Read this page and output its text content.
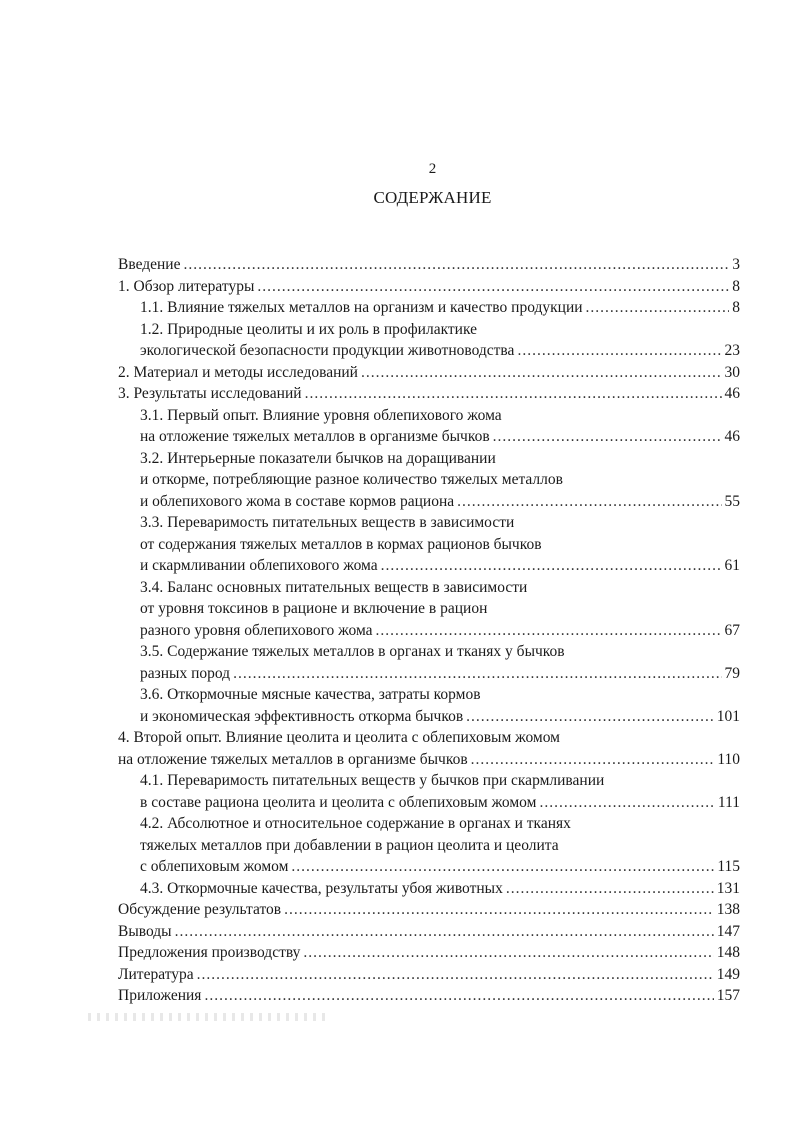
2
СОДЕРЖАНИЕ
Введение .....	3
1. Обзор литературы .....	8
1.1. Влияние тяжелых металлов на организм и качество продукции .....	8
1.2. Природные цеолиты и их роль в профилактике
экологической безопасности продукции животноводства .....	23
2. Материал и методы исследований .....	30
3. Результаты исследований .....	46
3.1. Первый опыт. Влияние уровня облепихового жома
на отложение тяжелых металлов в организме бычков .....	46
3.2. Интерьерные показатели бычков на доращивании
и откорме, потребляющие разное количество тяжелых металлов
и облепихового жома в составе кормов рациона .....	55
3.3. Переваримость питательных веществ в зависимости
от содержания тяжелых металлов в кормах рационов бычков
и скармливании облепихового жома .....	61
3.4. Баланс основных питательных веществ в зависимости
от уровня токсинов в рационе и включение в рацион
разного уровня облепихового жома .....	67
3.5. Содержание тяжелых металлов в органах и тканях у бычков
разных пород .....	79
3.6. Откормочные мясные качества, затраты кормов
и экономическая эффективность откорма бычков .....	101
4. Второй опыт. Влияние цеолита и цеолита с облепиховым жомом
на отложение тяжелых металлов в организме бычков .....	110
4.1. Переваримость питательных веществ у бычков при скармливании
в составе рациона цеолита и цеолита с облепиховым жомом .....	111
4.2. Абсолютное и относительное содержание в органах и тканях
тяжелых металлов при добавлении в рацион цеолита и цеолита
с облепиховым жомом .....	115
4.3. Откормочные качества, результаты убоя животных .....	131
Обсуждение результатов .....	138
Выводы .....	147
Предложения производству .....	148
Литература .....	149
Приложения .....	157
